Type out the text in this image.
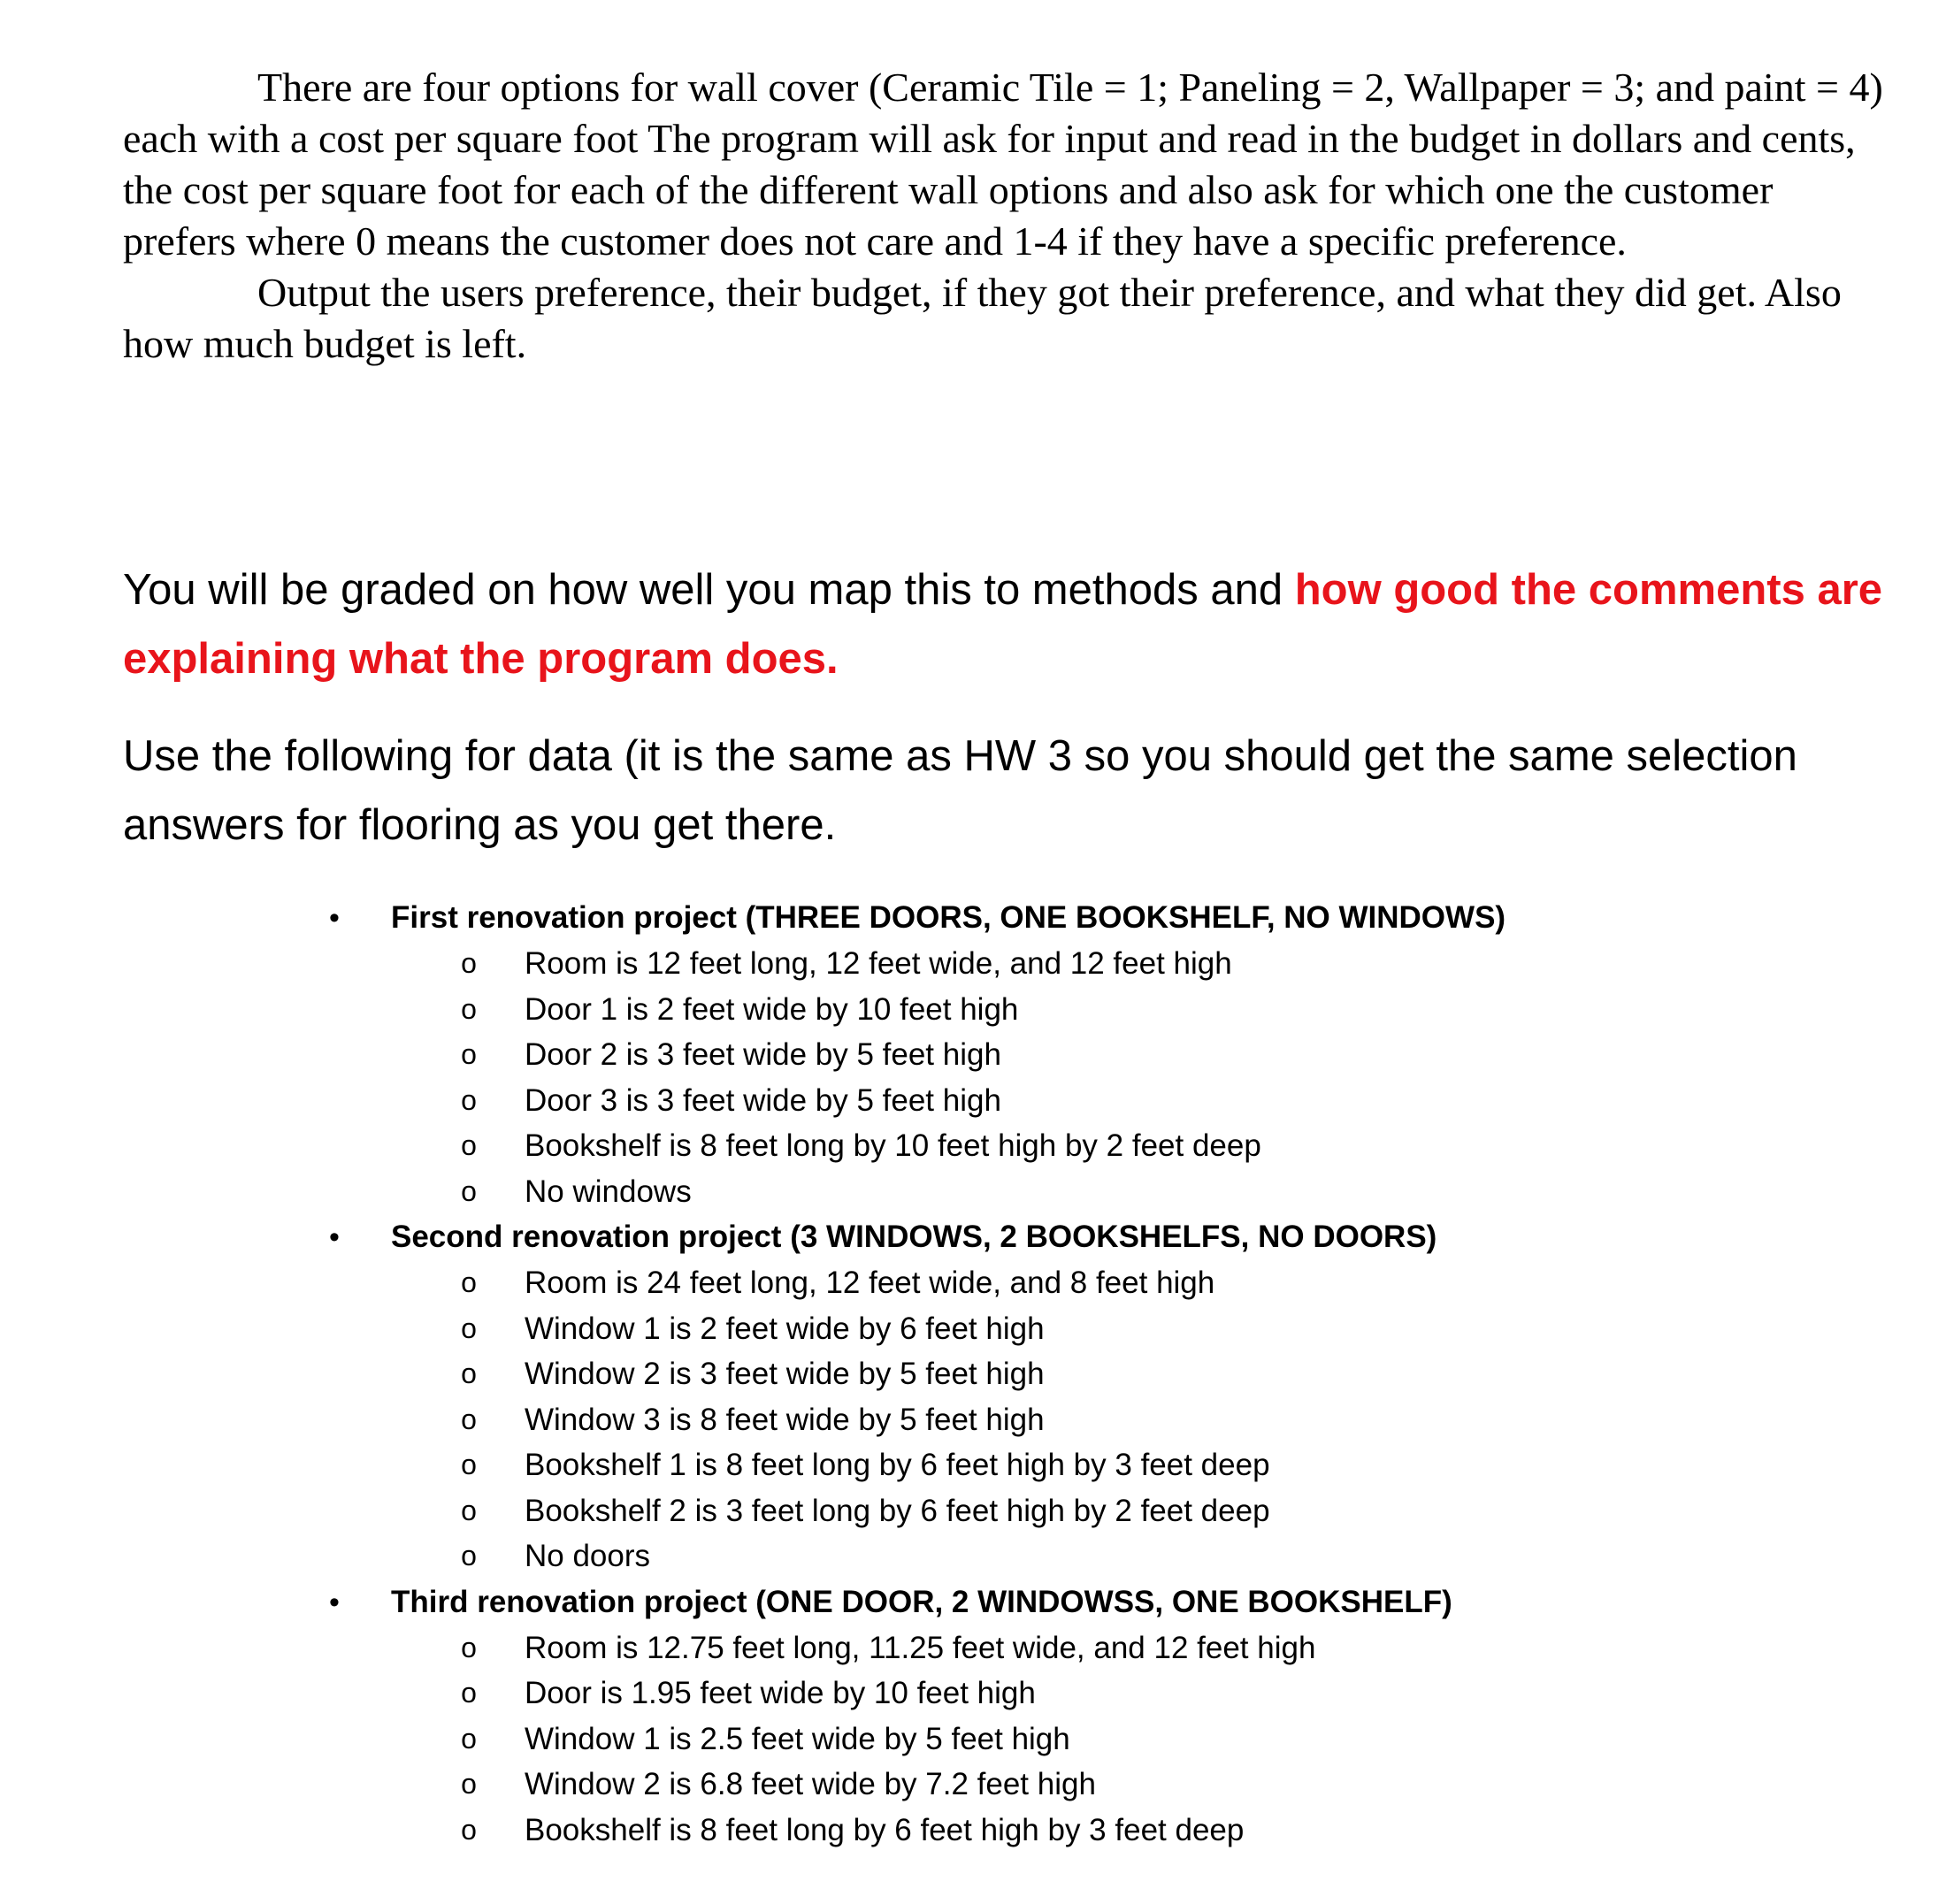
There are four options for wall cover (Ceramic Tile = 1; Paneling = 2, Wallpaper = 3; and paint = 4) each with a cost per square foot The program will ask for input and read in the budget in dollars and cents, the cost per square foot for each of the different wall options and also ask for which one the customer prefers where 0 means the customer does not care and 1-4 if they have a specific preference.

Output the users preference, their budget, if they got their preference, and what they did get. Also how much budget is left.

You will be graded on how well you map this to methods and how good the comments are explaining what the program does.

Use the following for data (it is the same as HW 3 so you should get the same selection answers for flooring as you get there.

• First renovation project (THREE DOORS, ONE BOOKSHELF, NO WINDOWS)
o Room is 12 feet long, 12 feet wide, and 12 feet high
o Door 1 is 2 feet wide by 10 feet high
o Door 2 is 3 feet wide by 5 feet high
o Door 3 is 3 feet wide by 5 feet high
o Bookshelf is 8 feet long by 10 feet high by 2 feet deep
o No windows
• Second renovation project (3 WINDOWS, 2 BOOKSHELFS, NO DOORS)
o Room is 24 feet long, 12 feet wide, and 8 feet high
o Window 1 is 2 feet wide by 6 feet high
o Window 2 is 3 feet wide by 5 feet high
o Window 3 is 8 feet wide by 5 feet high
o Bookshelf 1 is 8 feet long by 6 feet high by 3 feet deep
o Bookshelf 2 is 3 feet long by 6 feet high by 2 feet deep
o No doors
• Third renovation project (ONE DOOR, 2 WINDOWSS, ONE BOOKSHELF)
o Room is 12.75 feet long, 11.25 feet wide, and 12 feet high
o Door is 1.95 feet wide by 10 feet high
o Window 1 is 2.5 feet wide by 5 feet high
o Window 2 is 6.8 feet wide by 7.2 feet high
o Bookshelf is 8 feet long by 6 feet high by 3 feet deep
